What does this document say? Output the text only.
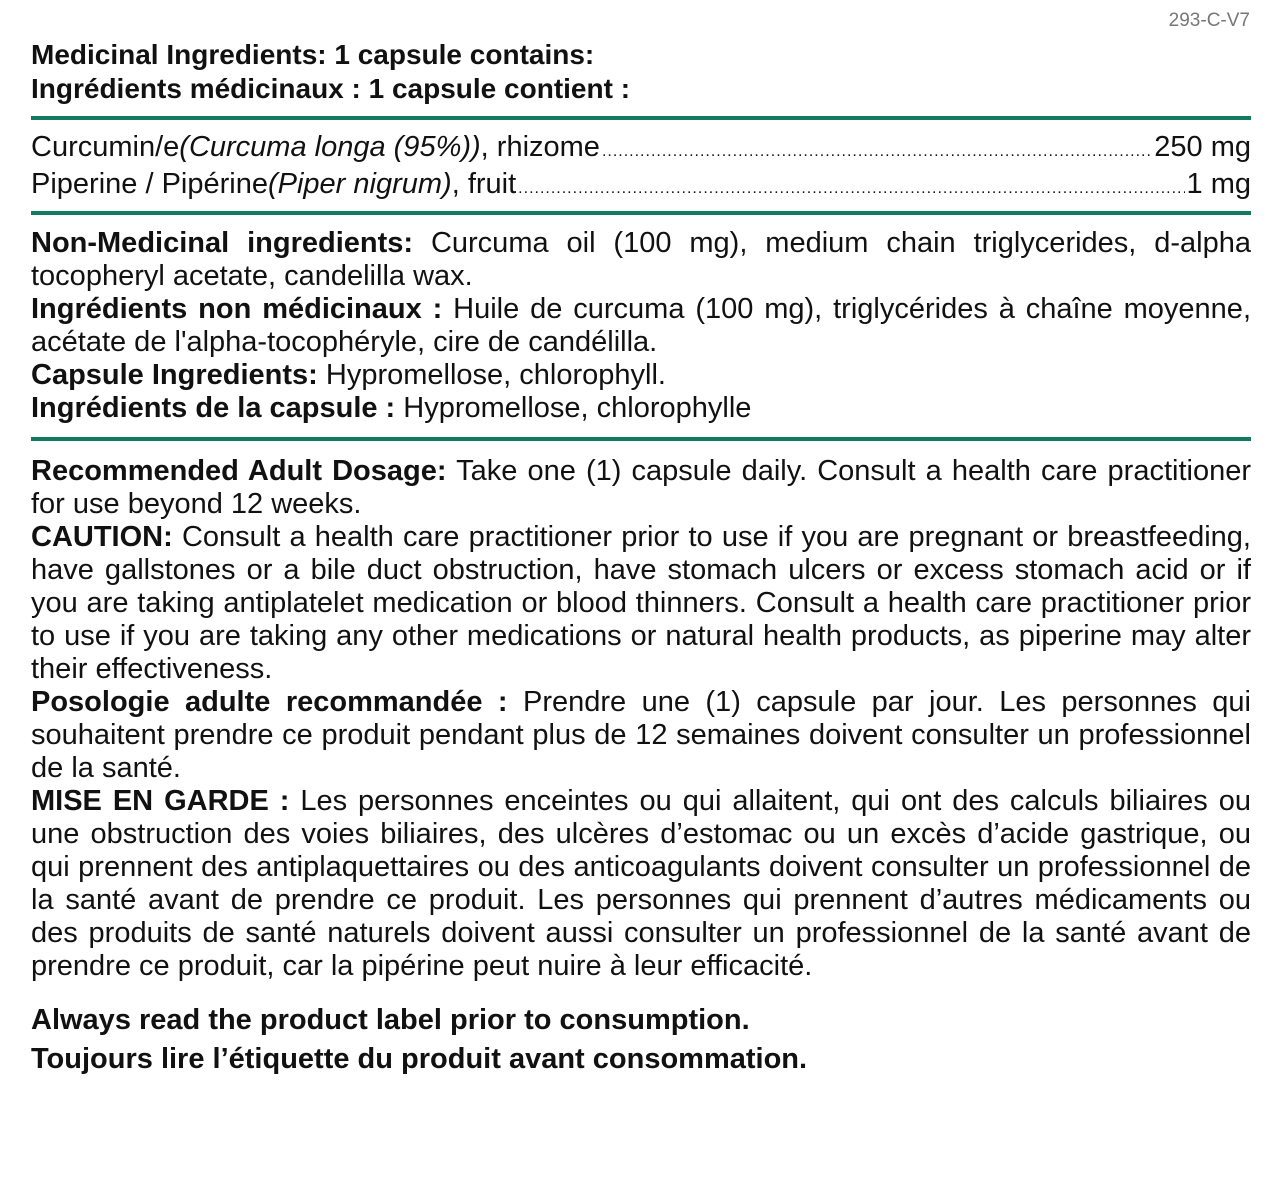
293-C-V7
Medicinal Ingredients: 1 capsule contains:
Ingrédients médicinaux : 1 capsule contient :
Curcumin/e (Curcuma longa (95%)) , rhizome .....	250 mg
Piperine / Pipérine (Piper nigrum) , fruit .....	1 mg

Non-Medicinal ingredients: Curcuma oil (100 mg), medium chain triglycerides, d-alpha tocopheryl acetate, candelilla wax.

Ingrédients non médicinaux : Huile de curcuma (100 mg), triglycérides à chaîne moyenne, acétate de l'alpha-tocophéryle, cire de candélilla.

Capsule Ingredients: Hypromellose, chlorophyll.

Ingrédients de la capsule : Hypromellose, chlorophylle

Recommended Adult Dosage: Take one (1) capsule daily. Consult a health care practitioner for use beyond 12 weeks.

CAUTION: Consult a health care practitioner prior to use if you are pregnant or breastfeeding, have gallstones or a bile duct obstruction, have stomach ulcers or excess stomach acid or if you are taking antiplatelet medication or blood thinners. Consult a health care practitioner prior to use if you are taking any other medications or natural health products, as piperine may alter their effectiveness.

Posologie adulte recommandée : Prendre une (1) capsule par jour. Les personnes qui souhaitent prendre ce produit pendant plus de 12 semaines doivent consulter un professionnel de la santé.

MISE EN GARDE : Les personnes enceintes ou qui allaitent, qui ont des calculs biliaires ou une obstruction des voies biliaires, des ulcères d’estomac ou un excès d’acide gastrique, ou qui prennent des antiplaquettaires ou des anticoagulants doivent consulter un professionnel de la santé avant de prendre ce produit. Les personnes qui prennent d’autres médicaments ou des produits de santé naturels doivent aussi consulter un professionnel de la santé avant de prendre ce produit, car la pipérine peut nuire à leur efficacité.

Always read the product label prior to consumption.
Toujours lire l’étiquette du produit avant consommation.
